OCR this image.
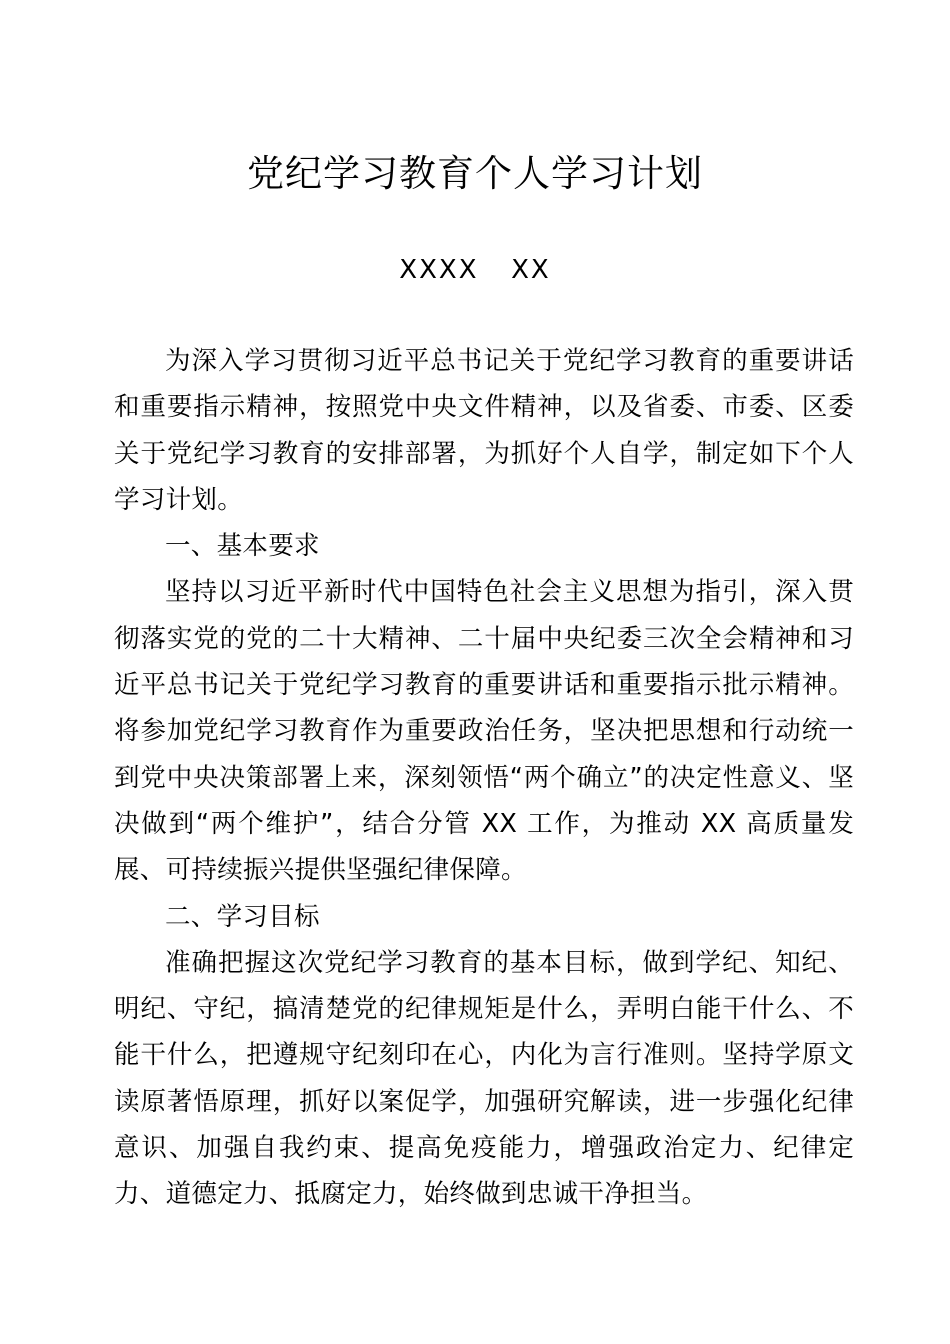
党纪学习教育个人学习计划
XXXX  XX

为深入学习贯彻习近平总书记关于党纪学习教育的重要讲话和重要指示精神，按照党中央文件精神，以及省委、市委、区委关于党纪学习教育的安排部署，为抓好个人自学，制定如下个人学习计划。

一、基本要求

坚持以习近平新时代中国特色社会主义思想为指引，深入贯彻落实党的党的二十大精神、二十届中央纪委三次全会精神和习近平总书记关于党纪学习教育的重要讲话和重要指示批示精神。将参加党纪学习教育作为重要政治任务，坚决把思想和行动统一到党中央决策部署上来，深刻领悟“两个确立”的决定性意义、坚决做到“两个维护”，结合分管 XX 工作，为推动 XX 高质量发展、可持续振兴提供坚强纪律保障。

二、学习目标

准确把握这次党纪学习教育的基本目标，做到学纪、知纪、明纪、守纪，搞清楚党的纪律规矩是什么，弄明白能干什么、不能干什么，把遵规守纪刻印在心，内化为言行准则。坚持学原文读原著悟原理，抓好以案促学，加强研究解读，进一步强化纪律意识、加强自我约束、提高免疫能力，增强政治定力、纪律定力、道德定力、抵腐定力，始终做到忠诚干净担当。
